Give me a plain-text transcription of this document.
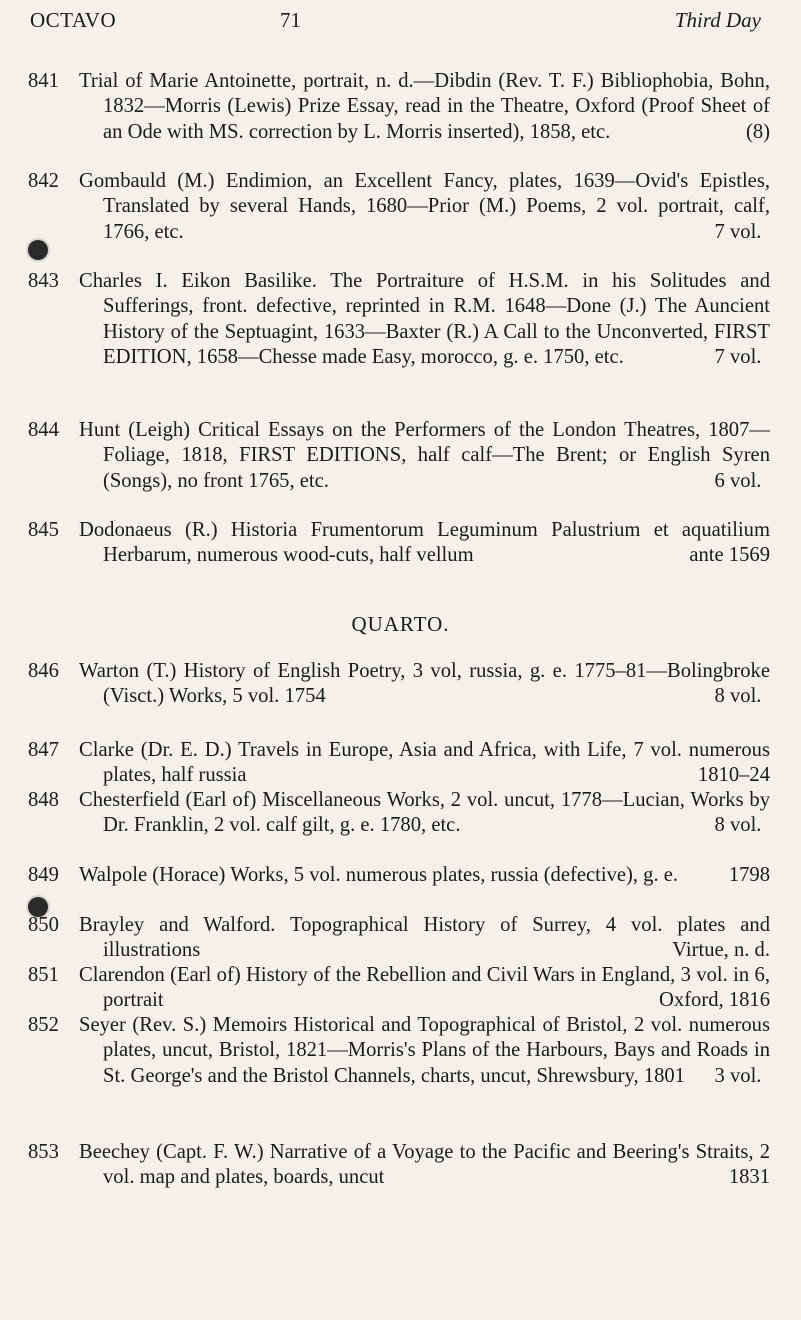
OCTAVO	71	Third Day
841 Trial of Marie Antoinette, portrait, n. d.—Dibdin (Rev. T. F.) Bibliophobia, Bohn, 1832—Morris (Lewis) Prize Essay, read in the Theatre, Oxford (Proof Sheet of an Ode with MS. correction by L. Morris inserted), 1858, etc.	(8)
842 Gombauld (M.) Endimion, an Excellent Fancy, plates, 1639—Ovid's Epistles, Translated by several Hands, 1680—Prior (M.) Poems, 2 vol. portrait, calf, 1766, etc.	7 vol.
843 Charles I. Eikon Basilike. The Portraiture of H.S.M. in his Solitudes and Sufferings, front. defective, reprinted in R.M. 1648—Done (J.) The Auncient History of the Septuagint, 1633—Baxter (R.) A Call to the Unconverted, FIRST EDITION, 1658—Chesse made Easy, morocco, g. e. 1750, etc.	7 vol.
844 Hunt (Leigh) Critical Essays on the Performers of the London Theatres, 1807—Foliage, 1818, FIRST EDITIONS, half calf—The Brent; or English Syren (Songs), no front 1765, etc.	6 vol.
845 Dodonaeus (R.) Historia Frumentorum Leguminum Palustrium et aquatilium Herbarum, numerous wood-cuts, half vellum	ante 1569
QUARTO.
846 Warton (T.) History of English Poetry, 3 vol, russia, g. e. 1775–81—Bolingbroke (Visct.) Works, 5 vol. 1754	8 vol.
847 Clarke (Dr. E. D.) Travels in Europe, Asia and Africa, with Life, 7 vol. numerous plates, half russia	1810–24
848 Chesterfield (Earl of) Miscellaneous Works, 2 vol. uncut, 1778—Lucian, Works by Dr. Franklin, 2 vol. calf gilt, g. e. 1780, etc.	8 vol.
849 Walpole (Horace) Works, 5 vol. numerous plates, russia (defective), g. e. 1798
850 Brayley and Walford. Topographical History of Surrey, 4 vol. plates and illustrations	Virtue, n. d.
851 Clarendon (Earl of) History of the Rebellion and Civil Wars in England, 3 vol. in 6, portrait	Oxford, 1816
852 Seyer (Rev. S.) Memoirs Historical and Topographical of Bristol, 2 vol. numerous plates, uncut, Bristol, 1821—Morris's Plans of the Harbours, Bays and Roads in St. George's and the Bristol Channels, charts, uncut, Shrewsbury, 1801 3 vol.
853 Beechey (Capt. F. W.) Narrative of a Voyage to the Pacific and Beering's Straits, 2 vol. map and plates, boards, uncut	1831
